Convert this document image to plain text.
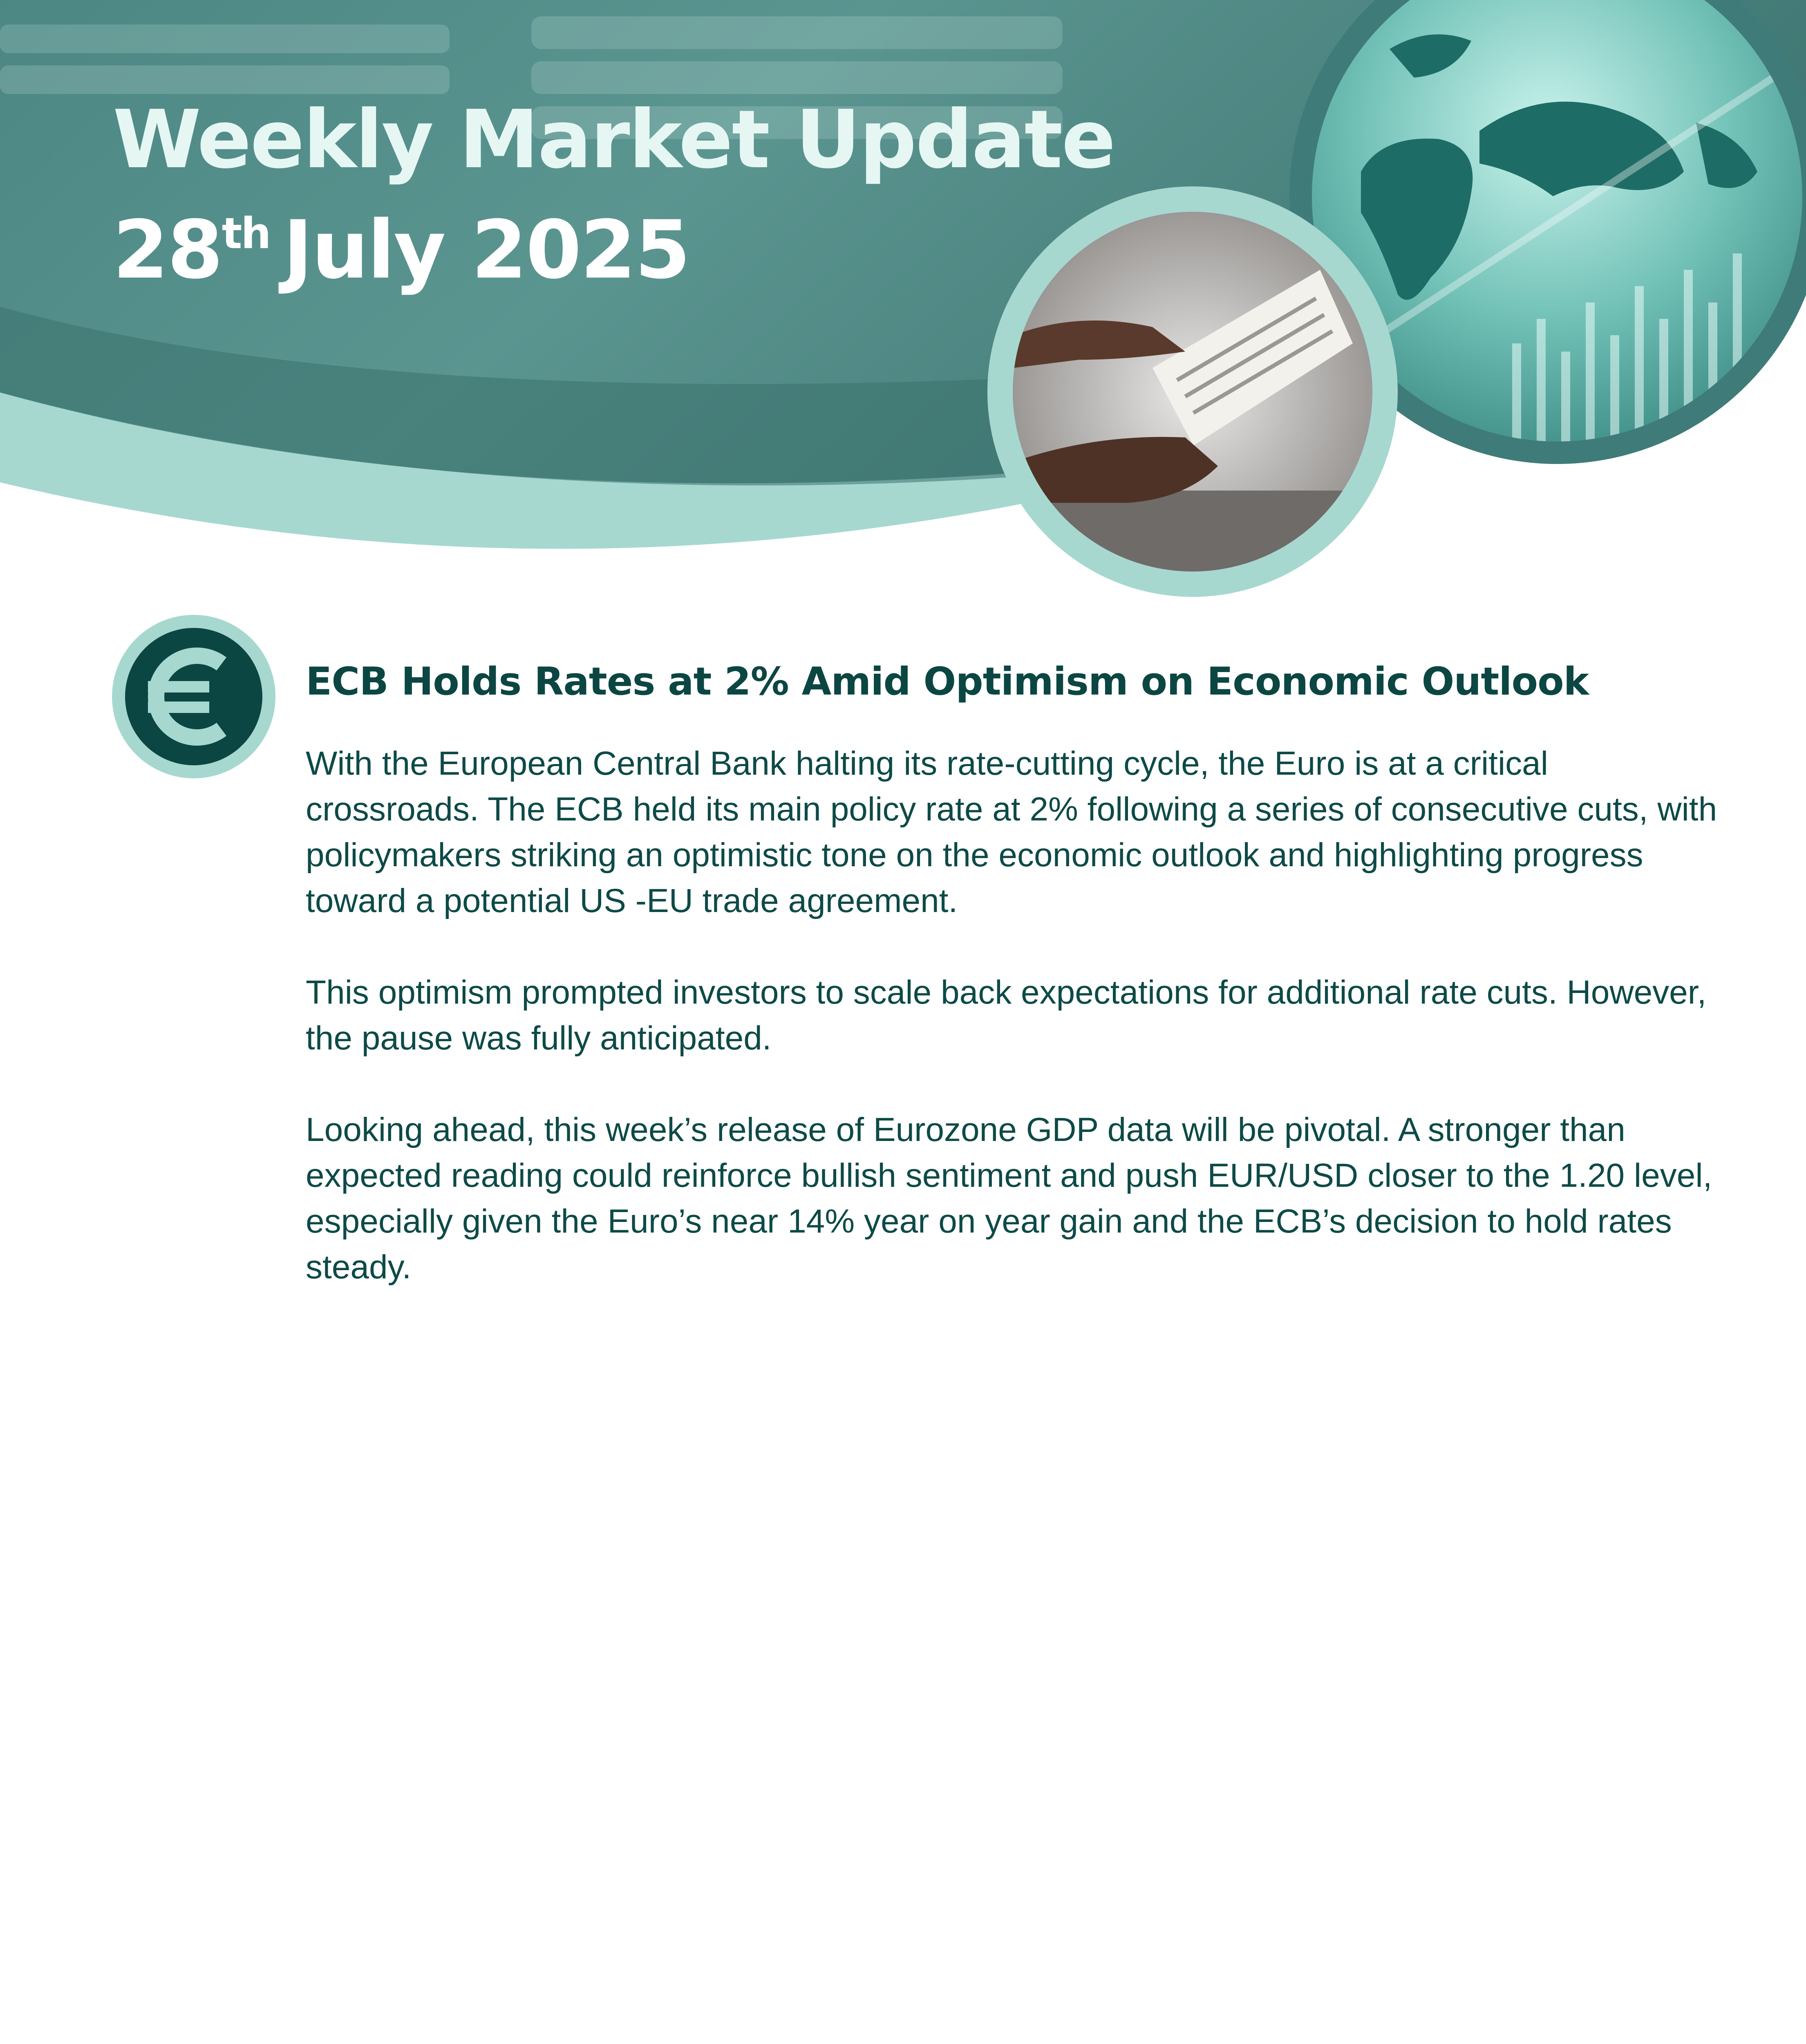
Weekly Market Update
28th July 2025
ECB Holds Rates at 2% Amid Optimism on Economic Outlook

With the European Central Bank halting its rate-cutting cycle, the Euro is at a critical crossroads. The ECB held its main policy rate at 2% following a series of consecutive cuts, with policymakers striking an optimistic tone on the economic outlook and highlighting progress toward a potential US -EU trade agreement.

This optimism prompted investors to scale back expectations for additional rate cuts. However, the pause was fully anticipated.

Looking ahead, this week’s release of Eurozone GDP data will be pivotal. A stronger than expected reading could reinforce bullish sentiment and push EUR/USD closer to the 1.20 level, especially given the Euro’s near 14% year on year gain and the ECB’s decision to hold rates steady.
